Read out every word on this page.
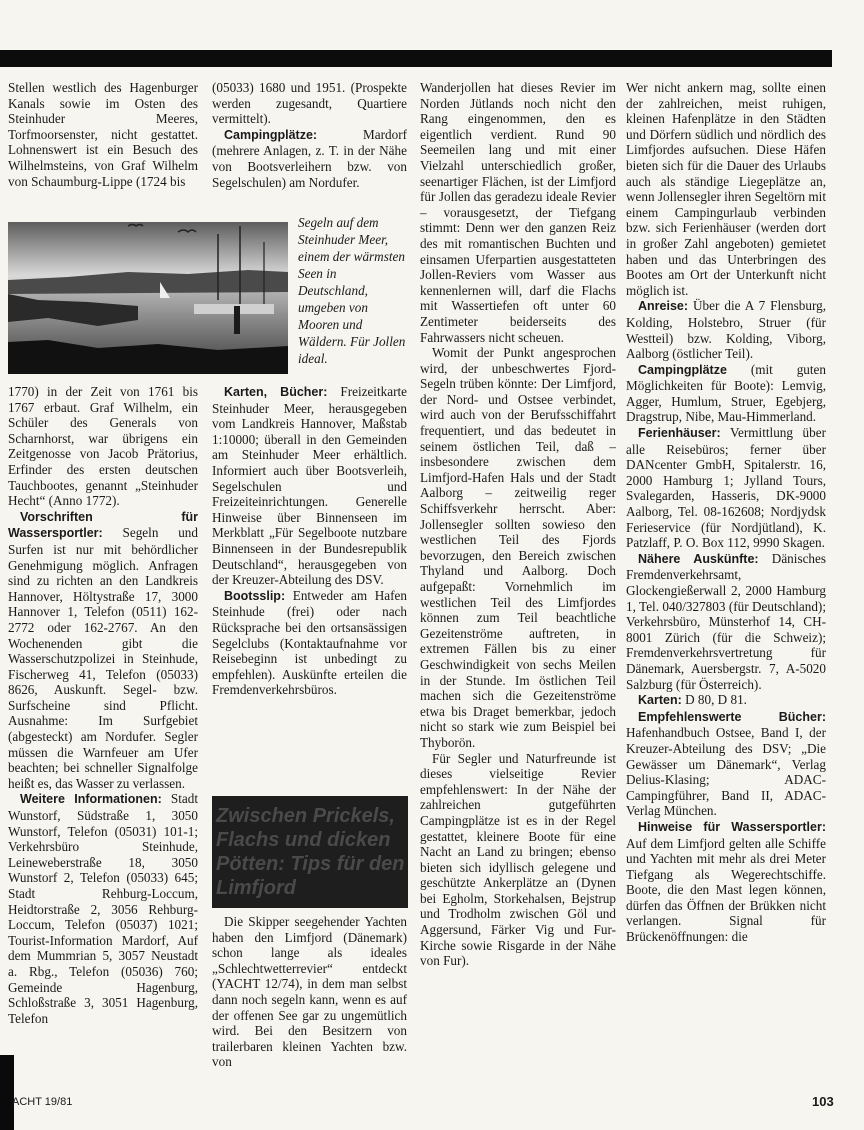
Stellen westlich des Hagenburger Kanals sowie im Osten des Steinhuder Meeres, Torfmoorsenster, nicht gestattet. Lohnenswert ist ein Besuch des Wilhelmsteins, von Graf Wilhelm von Schaumburg-Lippe (1724 bis

Segeln auf dem Steinhuder Meer, einem der wärmsten Seen in Deutschland, umgeben von Mooren und Wäldern. Für Jollen ideal.

1770) in der Zeit von 1761 bis 1767 erbaut. Graf Wilhelm, ein Schüler des Generals von Scharnhorst, war übrigens ein Zeitgenosse von Jacob Prätorius, Erfinder des ersten deutschen Tauchbootes, genannt „Steinhuder Hecht“ (Anno 1772).

Vorschriften für Wassersportler: Segeln und Surfen ist nur mit behördlicher Genehmigung möglich. Anfragen sind zu richten an den Landkreis Hannover, Höltystraße 17, 3000 Hannover 1, Telefon (0511) 162-2772 oder 162-2767. An den Wochenenden gibt die Wasserschutzpolizei in Steinhude, Fischerweg 41, Telefon (05033) 8626, Auskunft. Segel- bzw. Surfscheine sind Pflicht. Ausnahme: Im Surfgebiet (abgesteckt) am Nordufer. Segler müssen die Warnfeuer am Ufer beachten; bei schneller Signalfolge heißt es, das Wasser zu verlassen.

Weitere Informationen: Stadt Wunstorf, Südstraße 1, 3050 Wunstorf, Telefon (05031) 101-1; Verkehrsbüro Steinhude, Leineweberstraße 18, 3050 Wunstorf 2, Telefon (05033) 645; Stadt Rehburg-Loccum, Heidtorstraße 2, 3056 Rehburg-Loccum, Telefon (05037) 1021; Tourist-Information Mardorf, Auf dem Mummrian 5, 3057 Neustadt a. Rbg., Telefon (05036) 760; Gemeinde Hagenburg, Schloßstraße 3, 3051 Hagenburg, Telefon

(05033) 1680 und 1951. (Prospekte werden zugesandt, Quartiere vermittelt).

Campingplätze: Mardorf (mehrere Anlagen, z. T. in der Nähe von Bootsverleihern bzw. von Segelschulen) am Nordufer.

Karten, Bücher: Freizeitkarte Steinhuder Meer, herausgegeben vom Landkreis Hannover, Maßstab 1:10000; überall in den Gemeinden am Steinhuder Meer erhältlich. Informiert auch über Bootsverleih, Segelschulen und Freizeiteinrichtungen. Generelle Hinweise über Binnenseen im Merkblatt „Für Segelboote nutzbare Binnenseen in der Bundesrepublik Deutschland“, herausgegeben von der Kreuzer-Abteilung des DSV.

Bootsslip: Entweder am Hafen Steinhude (frei) oder nach Rücksprache bei den ortsansässigen Segelclubs (Kontaktaufnahme vor Reisebeginn ist unbedingt zu empfehlen). Auskünfte erteilen die Fremdenverkehrsbüros.

Zwischen Prickels, Flachs und dicken Pötten: Tips für den Limfjord

Die Skipper seegehender Yachten haben den Limfjord (Dänemark) schon lange als ideales „Schlechtwetterrevier“ entdeckt (YACHT 12/74), in dem man selbst dann noch segeln kann, wenn es auf der offenen See gar zu ungemütlich wird. Bei den Besitzern von trailerbaren kleinen Yachten bzw. von

Wanderjollen hat dieses Revier im Norden Jütlands noch nicht den Rang eingenommen, den es eigentlich verdient. Rund 90 Seemeilen lang und mit einer Vielzahl unterschiedlich großer, seenartiger Flächen, ist der Limfjord für Jollen das geradezu ideale Revier – vorausgesetzt, der Tiefgang stimmt: Denn wer den ganzen Reiz des mit romantischen Buchten und einsamen Uferpartien ausgestatteten Jollen-Reviers vom Wasser aus kennenlernen will, darf die Flachs mit Wassertiefen oft unter 60 Zentimeter beiderseits des Fahrwassers nicht scheuen.

Womit der Punkt angesprochen wird, der unbeschwertes Fjord-Segeln trüben könnte: Der Limfjord, der Nord- und Ostsee verbindet, wird auch von der Berufsschiffahrt frequentiert, und das bedeutet in seinem östlichen Teil, daß – insbesondere zwischen dem Limfjord-Hafen Hals und der Stadt Aalborg – zeitweilig reger Schiffsverkehr herrscht. Aber: Jollensegler sollten sowieso den westlichen Teil des Fjords bevorzugen, den Bereich zwischen Thyland und Aalborg. Doch aufgepaßt: Vornehmlich im westlichen Teil des Limfjordes können zum Teil beachtliche Gezeitenströme auftreten, in extremen Fällen bis zu einer Geschwindigkeit von sechs Meilen in der Stunde. Im östlichen Teil machen sich die Gezeitenströme etwa bis Draget bemerkbar, jedoch nicht so stark wie zum Beispiel bei Thyborön.

Für Segler und Naturfreunde ist dieses vielseitige Revier empfehlenswert: In der Nähe der zahlreichen gutgeführten Campingplätze ist es in der Regel gestattet, kleinere Boote für eine Nacht an Land zu bringen; ebenso bieten sich idyllisch gelegene und geschützte Ankerplätze an (Dynen bei Egholm, Storkehalsen, Bejstrup und Trodholm zwischen Göl und Aggersund, Färker Vig und Fur-Kirche sowie Risgarde in der Nähe von Fur).

Wer nicht ankern mag, sollte einen der zahlreichen, meist ruhigen, kleinen Hafenplätze in den Städten und Dörfern südlich und nördlich des Limfjordes aufsuchen. Diese Häfen bieten sich für die Dauer des Urlaubs auch als ständige Liegeplätze an, wenn Jollensegler ihren Segeltörn mit einem Campingurlaub verbinden bzw. sich Ferienhäuser (werden dort in großer Zahl angeboten) gemietet haben und das Unterbringen des Bootes am Ort der Unterkunft nicht möglich ist.

Anreise: Über die A 7 Flensburg, Kolding, Holstebro, Struer (für Westteil) bzw. Kolding, Viborg, Aalborg (östlicher Teil).

Campingplätze (mit guten Möglichkeiten für Boote): Lemvig, Agger, Humlum, Struer, Egebjerg, Dragstrup, Nibe, Mau-Himmerland.

Ferienhäuser: Vermittlung über alle Reisebüros; ferner über DANcenter GmbH, Spitalerstr. 16, 2000 Hamburg 1; Jylland Tours, Svalegarden, Hasseris, DK-9000 Aalborg, Tel. 08-162608; Nordjydsk Ferieservice (für Nordjütland), K. Patzlaff, P. O. Box 112, 9990 Skagen.

Nähere Auskünfte: Dänisches Fremdenverkehrsamt, Glockengießerwall 2, 2000 Hamburg 1, Tel. 040/327803 (für Deutschland); Verkehrsbüro, Münsterhof 14, CH-8001 Zürich (für die Schweiz); Fremdenverkehrsvertretung für Dänemark, Auersbergstr. 7, A-5020 Salzburg (für Österreich).

Karten: D 80, D 81.

Empfehlenswerte Bücher: Hafenhandbuch Ostsee, Band I, der Kreuzer-Abteilung des DSV; „Die Gewässer um Dänemark“, Verlag Delius-Klasing; ADAC-Campingführer, Band II, ADAC-Verlag München.

Hinweise für Wassersportler: Auf dem Limfjord gelten alle Schiffe und Yachten mit mehr als drei Meter Tiefgang als Wegerechtschiffe. Boote, die den Mast legen können, dürfen das Öffnen der Brükken nicht verlangen. Signal für Brückenöffnungen: die

ACHT 19/81	103
